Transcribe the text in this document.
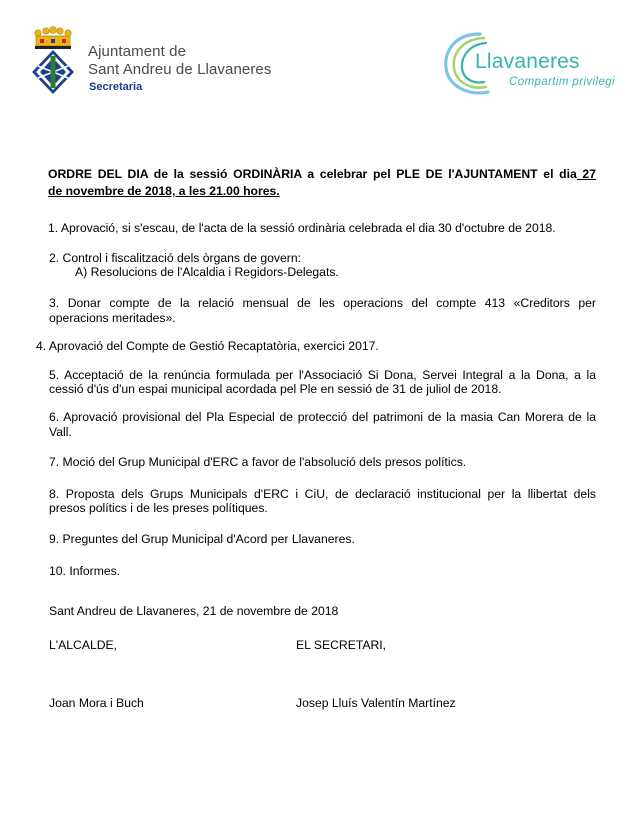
Ajuntament de
Sant Andreu de Llavaneres
Secretaria
Llavaneres
Compartim privilegi
ORDRE DEL DIA de la sessió ORDINÀRIA a celebrar pel PLE DE l'AJUNTAMENT el dia 27
de novembre de 2018, a les 21.00 hores.
1. Aprovació, si s'escau, de l'acta de la sessió ordinària celebrada el dia 30 d'octubre de 2018.
2. Control i fiscalització dels òrgans de govern:
A) Resolucions de l'Alcaldia i Regidors-Delegats.
3. Donar compte de la relació mensual de les operacions del compte 413 «Creditors per
operacions meritades».
4. Aprovació del Compte de Gestió Recaptatòria, exercici 2017.
5. Acceptació de la renúncia formulada per l'Associació Si Dona, Servei Integral a la Dona, a la
cessió d'ús d'un espai municipal acordada pel Ple en sessió de 31 de juliol de 2018.
6. Aprovació provisional del Pla Especial de protecció del patrimoni de la masia Can Morera de la
Vall.
7. Moció del Grup Municipal d'ERC a favor de l'absolució dels presos polítics.
8. Proposta dels Grups Municipals d'ERC i CiU, de declaració institucional per la llibertat dels
presos polítics i de les preses polítiques.
9. Preguntes del Grup Municipal d'Acord per Llavaneres.
10. Informes.
Sant Andreu de Llavaneres, 21 de novembre de 2018
L'ALCALDE,	EL SECRETARI,
Joan Mora i Buch	Josep Lluís Valentín Martínez
